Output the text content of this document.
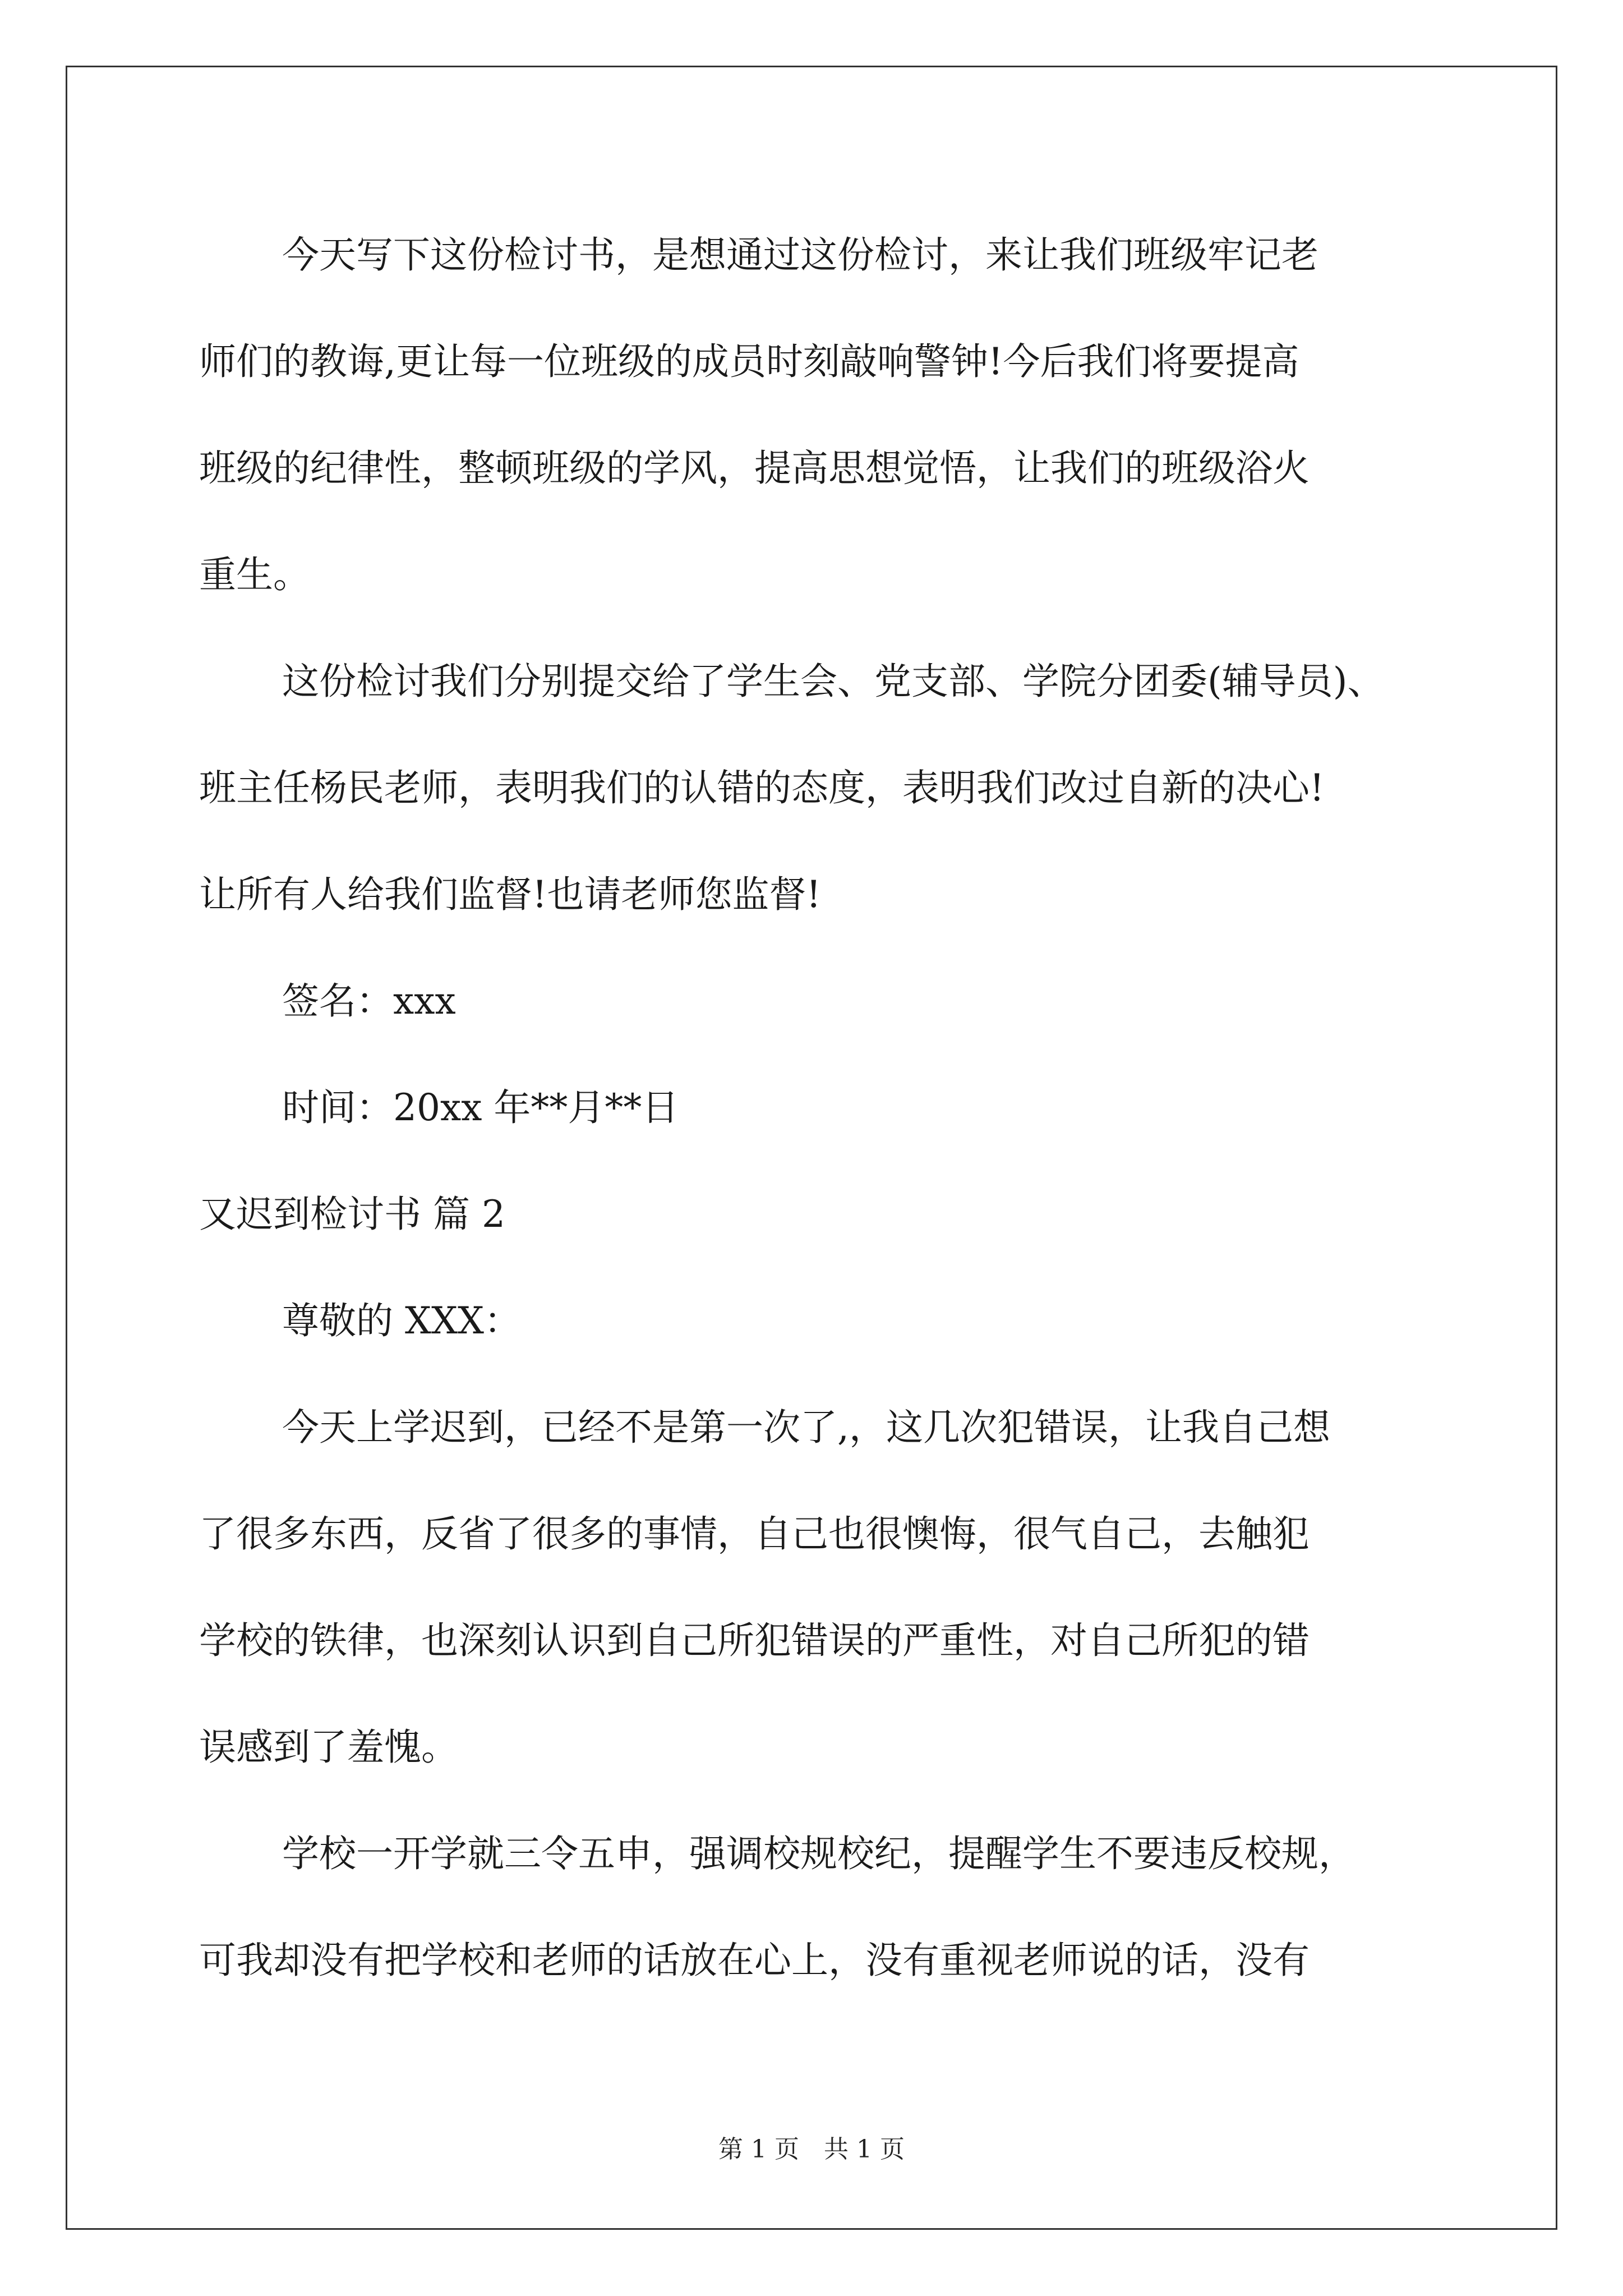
今天写下这份检讨书，是想通过这份检讨，来让我们班级牢记老
师们的教诲,更让每一位班级的成员时刻敲响警钟!今后我们将要提高
班级的纪律性，整顿班级的学风，提高思想觉悟，让我们的班级浴火
重生。
这份检讨我们分别提交给了学生会、党支部、学院分团委(辅导员)、
班主任杨民老师，表明我们的认错的态度，表明我们改过自新的决心!
让所有人给我们监督!也请老师您监督!
签名：xxx
时间：20xx 年**月**日
又迟到检讨书 篇 2
尊敬的 XXX：
今天上学迟到，已经不是第一次了,，这几次犯错误，让我自己想
了很多东西，反省了很多的事情，自己也很懊悔，很气自己，去触犯
学校的铁律，也深刻认识到自己所犯错误的严重性，对自己所犯的错
误感到了羞愧。
学校一开学就三令五申，强调校规校纪，提醒学生不要违反校规，
可我却没有把学校和老师的话放在心上，没有重视老师说的话，没有
第 1 页　共 1 页
